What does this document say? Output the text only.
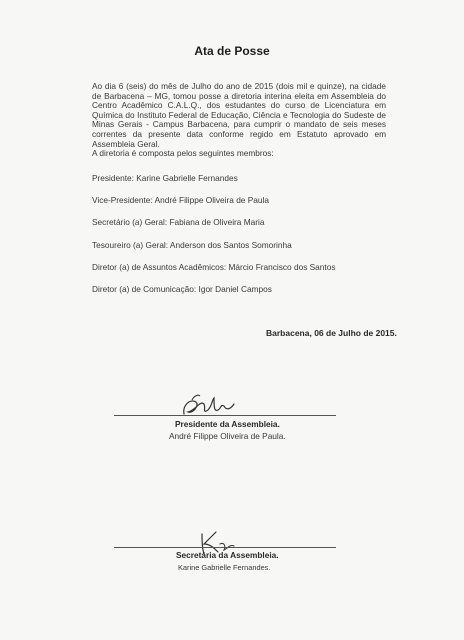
Ata de Posse

Ao dia 6 (seis) do mês de Julho do ano de 2015 (dois mil e quinze), na cidade de Barbacena – MG, tomou posse a diretoria interina eleita em Assembleia do Centro Acadêmico C.A.L.Q., dos estudantes do curso de Licenciatura em Química do Instituto Federal de Educação, Ciência e Tecnologia do Sudeste de Minas Gerais - Campus Barbacena, para cumprir o mandato de seis meses correntes da presente data conforme regido em Estatuto aprovado em Assembleia Geral.

A diretoria é composta pelos seguintes membros:

Presidente: Karine Gabrielle Fernandes
Vice-Presidente: André Filippe Oliveira de Paula
Secretário (a) Geral: Fabiana de Oliveira Maria
Tesoureiro (a) Geral: Anderson dos Santos Somorinha
Diretor (a) de Assuntos Acadêmicos: Márcio Francisco dos Santos
Diretor (a) de Comunicação: Igor Daniel Campos
Barbacena, 06 de Julho de 2015.
Presidente da Assembleia.
André Filippe Oliveira de Paula.
Secretária da Assembleia.
Karine Gabrielle Fernandes.
